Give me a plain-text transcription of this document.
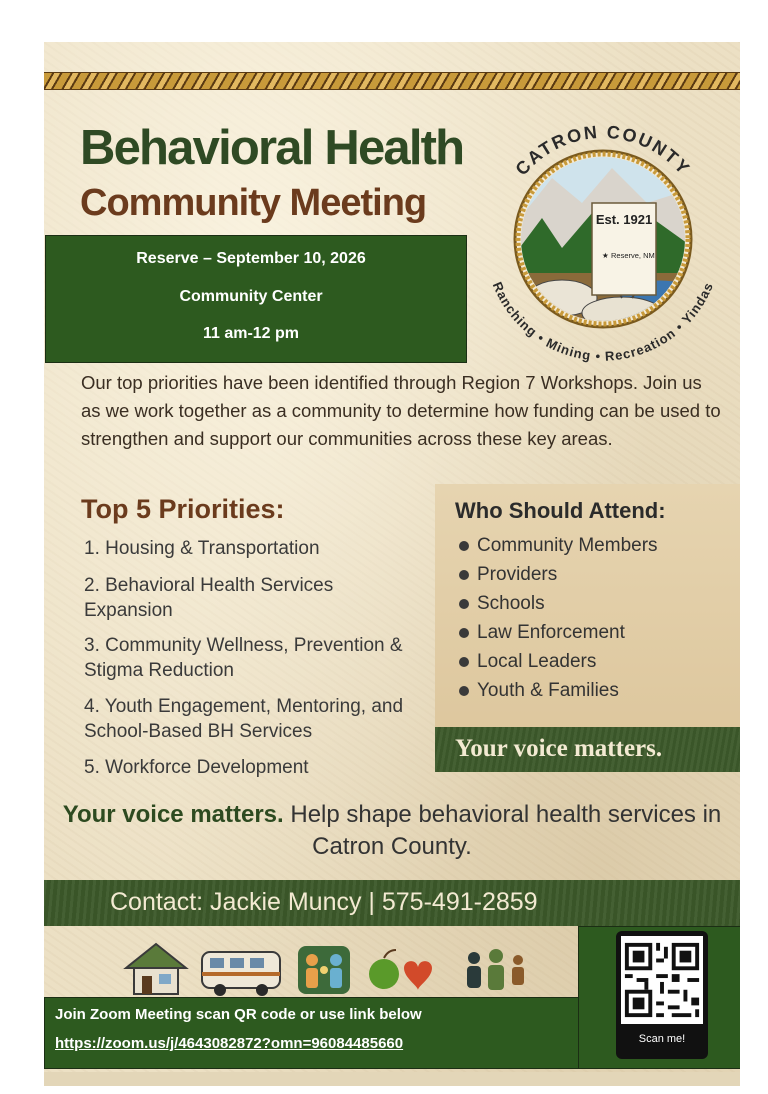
Behavioral Health
Community Meeting
Reserve – September 10, 2026
Community Center
11 am-12 pm
Est. 1921
★ Reserve, NM
CATRON COUNTY
Ranching • Mining • Recreation • Yindas
Our top priorities have been identified through Region 7 Workshops. Join us as we work together as a community to determine how funding can be used to strengthen and support our communities across these key areas.
Top 5 Priorities:
1. Housing & Transportation
2. Behavioral Health Services Expansion
3. Community Wellness, Prevention & Stigma Reduction
4. Youth Engagement, Mentoring, and School-Based BH Services
5. Workforce Development
Who Should Attend:
Community Members
Providers
Schools
Law Enforcement
Local Leaders
Youth & Families
Your voice matters.
Your voice matters. Help shape behavioral health services in Catron County.
Contact: Jackie Muncy | 575-491-2859
Join Zoom Meeting scan QR code or use link below
https://zoom.us/j/4643082872?omn=96084485660	Scan me!
